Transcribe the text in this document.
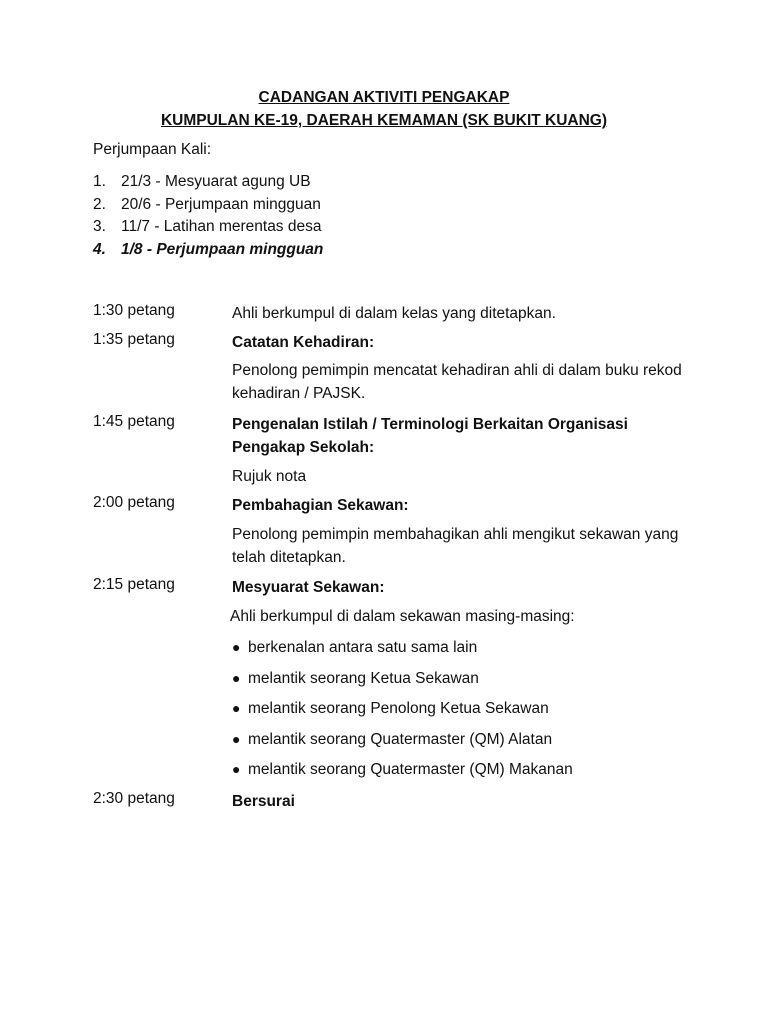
CADANGAN AKTIVITI PENGAKAP
KUMPULAN KE-19, DAERAH KEMAMAN (SK BUKIT KUANG)
Perjumpaan Kali:
1. 21/3 - Mesyuarat agung UB
2. 20/6 - Perjumpaan mingguan
3. 11/7 - Latihan merentas desa
4. 1/8 - Perjumpaan mingguan
1:30 petang	Ahli berkumpul di dalam kelas yang ditetapkan.
1:35 petang	Catatan Kehadiran:
Penolong pemimpin mencatat kehadiran ahli di dalam buku rekod kehadiran / PAJSK.
1:45 petang	Pengenalan Istilah / Terminologi Berkaitan Organisasi Pengakap Sekolah:
Rujuk nota
2:00 petang	Pembahagian Sekawan:
Penolong pemimpin membahagikan ahli mengikut sekawan yang telah ditetapkan.
2:15 petang	Mesyuarat Sekawan:
Ahli berkumpul di dalam sekawan masing-masing:
● berkenalan antara satu sama lain
● melantik seorang Ketua Sekawan
● melantik seorang Penolong Ketua Sekawan
● melantik seorang Quatermaster (QM) Alatan
● melantik seorang Quatermaster (QM) Makanan
2:30 petang	Bersurai
